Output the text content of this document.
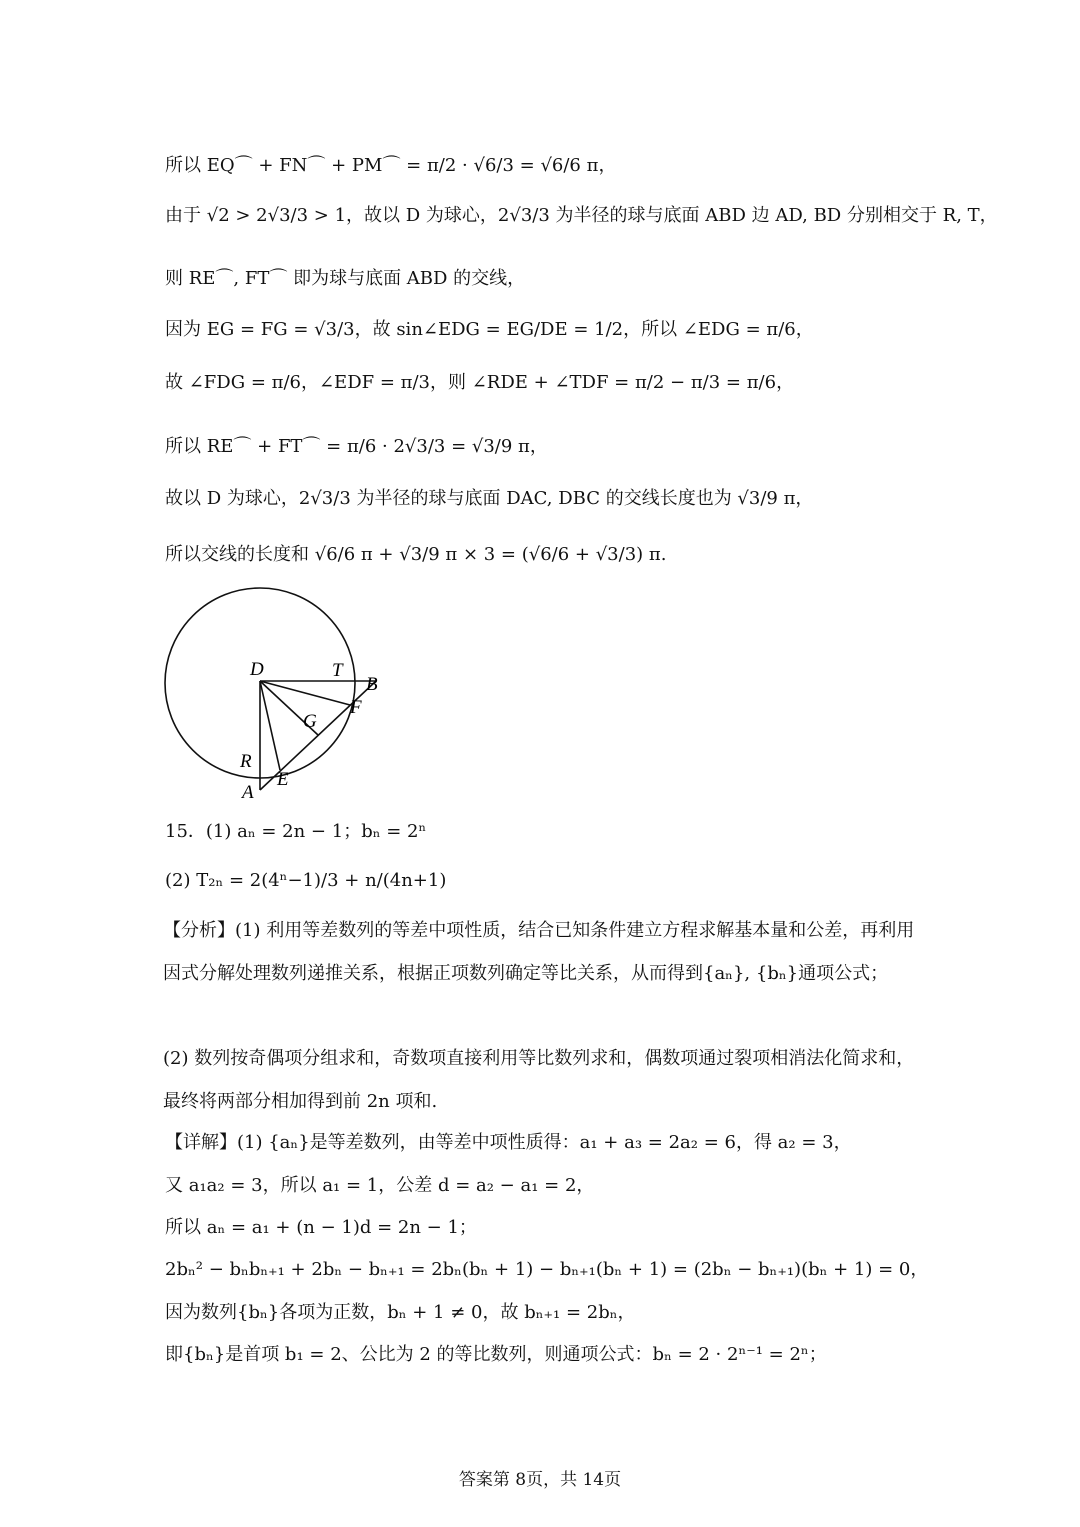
所以 EQ⌒ + FN⌒ + PM⌒ = π/2 · √6/3 = √6/6 π，
由于 √2 > 2√3/3 > 1，故以 D 为球心，2√3/3 为半径的球与底面 ABD 边 AD, BD 分别相交于 R, T，
则 RE⌒, FT⌒ 即为球与底面 ABD 的交线，
因为 EG = FG = √3/3，故 sin∠EDG = EG/DE = 1/2，所以 ∠EDG = π/6，
故 ∠FDG = π/6，∠EDF = π/3，则 ∠RDE + ∠TDF = π/2 − π/3 = π/6，
所以 RE⌒ + FT⌒ = π/6 · 2√3/3 = √3/9 π，
故以 D 为球心，2√3/3 为半径的球与底面 DAC, DBC 的交线长度也为 √3/9 π，
所以交线的长度和 √6/6 π + √3/9 π × 3 = (√6/6 + √3/3) π.
D	T
B
F
G
R
E
A
15．(1) aₙ = 2n − 1；bₙ = 2ⁿ
(2) T₂ₙ = 2(4ⁿ−1)/3 + n/(4n+1)
【分析】(1) 利用等差数列的等差中项性质，结合已知条件建立方程求解基本量和公差，再利用因式分解处理数列递推关系，根据正项数列确定等比关系，从而得到{aₙ}, {bₙ}通项公式；
(2) 数列按奇偶项分组求和，奇数项直接利用等比数列求和，偶数项通过裂项相消法化简求和，最终将两部分相加得到前 2n 项和.
【详解】(1) {aₙ}是等差数列，由等差中项性质得：a₁ + a₃ = 2a₂ = 6，得 a₂ = 3，
又 a₁a₂ = 3，所以 a₁ = 1，公差 d = a₂ − a₁ = 2，
所以 aₙ = a₁ + (n − 1)d = 2n − 1；
2bₙ² − bₙbₙ₊₁ + 2bₙ − bₙ₊₁ = 2bₙ(bₙ + 1) − bₙ₊₁(bₙ + 1) = (2bₙ − bₙ₊₁)(bₙ + 1) = 0，
因为数列{bₙ}各项为正数，bₙ + 1 ≠ 0，故 bₙ₊₁ = 2bₙ，
即{bₙ}是首项 b₁ = 2、公比为 2 的等比数列，则通项公式：bₙ = 2 · 2ⁿ⁻¹ = 2ⁿ；
答案第 8页，共 14页
